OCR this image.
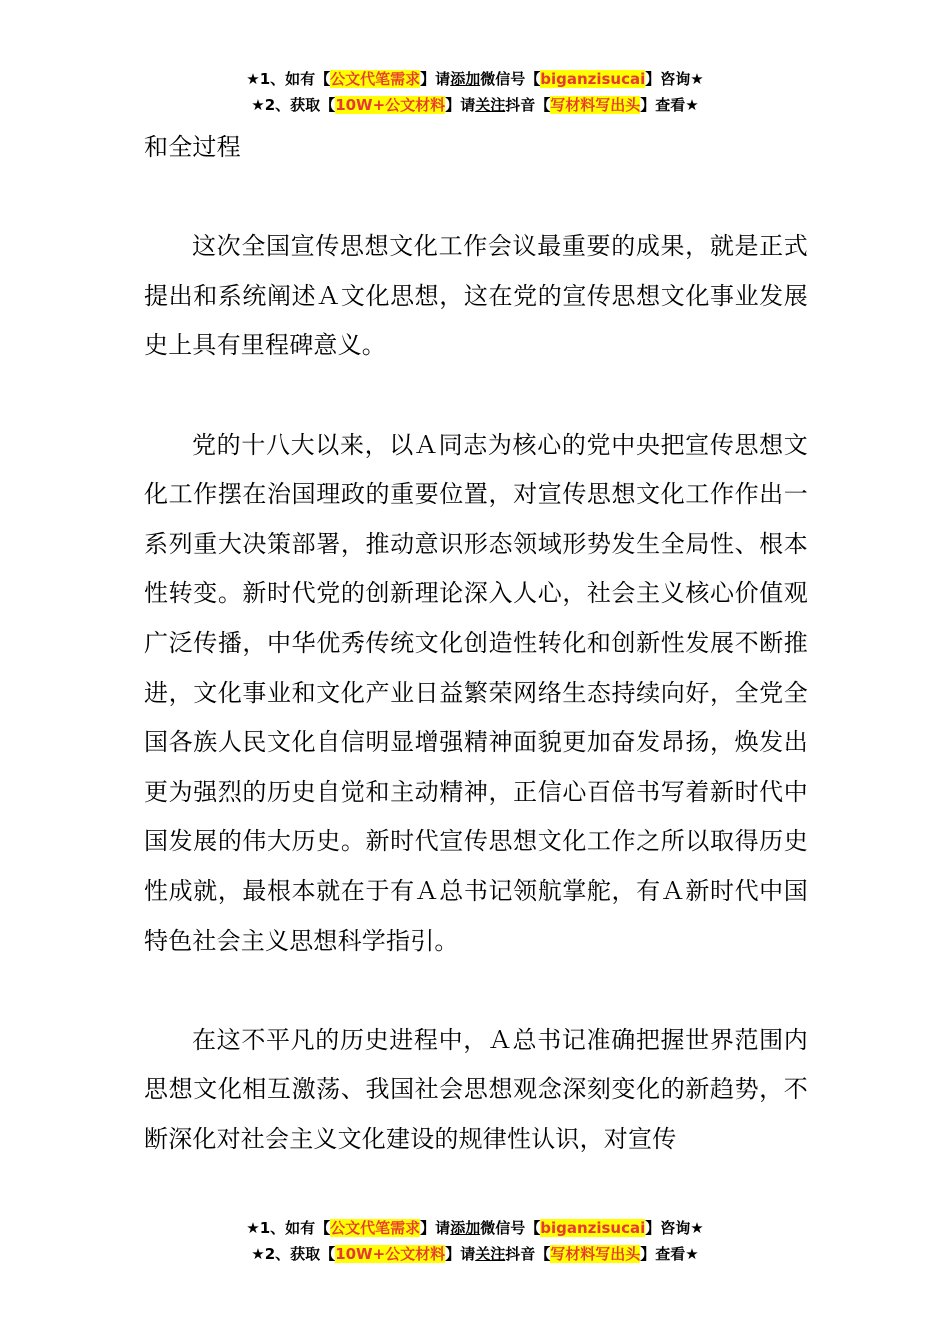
★1、如有【公文代笔需求】请添加微信号【biganzisucai】咨询★
★2、获取【10W+公文材料】请关注抖音【写材料写出头】查看★

和全过程

这次全国宣传思想文化工作会议最重要的成果，就是正式提出和系统阐述Ａ文化思想，这在党的宣传思想文化事业发展史上具有里程碑意义。

党的十八大以来，以Ａ同志为核心的党中央把宣传思想文化工作摆在治国理政的重要位置，对宣传思想文化工作作出一系列重大决策部署，推动意识形态领域形势发生全局性、根本性转变。新时代党的创新理论深入人心，社会主义核心价值观广泛传播，中华优秀传统文化创造性转化和创新性发展不断推进，文化事业和文化产业日益繁荣网络生态持续向好，全党全国各族人民文化自信明显增强精神面貌更加奋发昂扬，焕发出更为强烈的历史自觉和主动精神，正信心百倍书写着新时代中国发展的伟大历史。新时代宣传思想文化工作之所以取得历史性成就，最根本就在于有Ａ总书记领航掌舵，有Ａ新时代中国特色社会主义思想科学指引。

在这不平凡的历史进程中，Ａ总书记准确把握世界范围内思想文化相互激荡、我国社会思想观念深刻变化的新趋势，不断深化对社会主义文化建设的规律性认识，对宣传

★1、如有【公文代笔需求】请添加微信号【biganzisucai】咨询★
★2、获取【10W+公文材料】请关注抖音【写材料写出头】查看★
